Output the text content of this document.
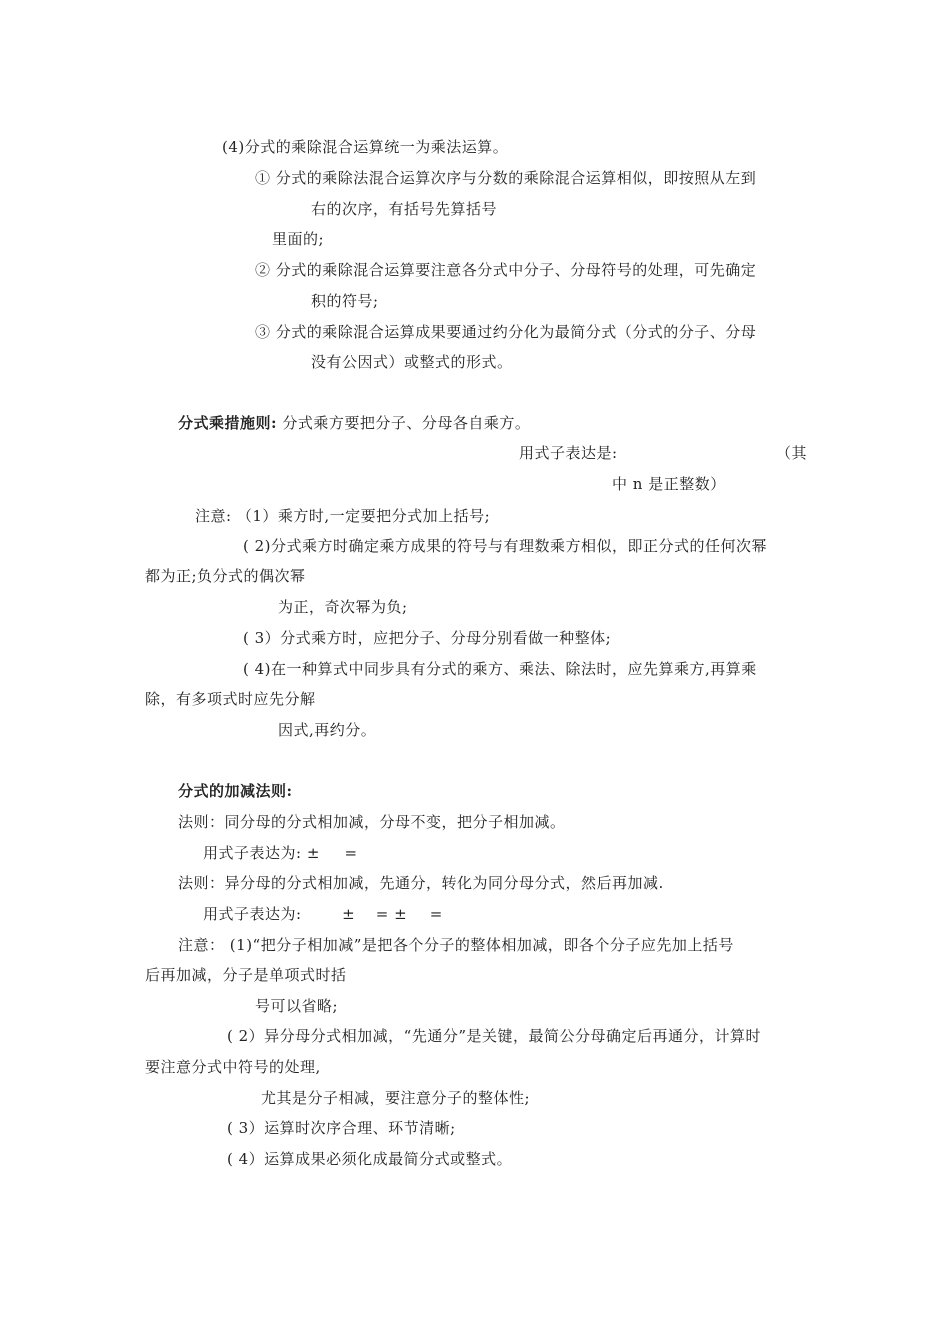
(4)分式的乘除混合运算统一为乘法运算。
① 分式的乘除法混合运算次序与分数的乘除混合运算相似，即按照从左到
右的次序，有括号先算括号
里面的;
② 分式的乘除混合运算要注意各分式中分子、分母符号的处理，可先确定
积的符号;
③ 分式的乘除混合运算成果要通过约分化为最简分式（分式的分子、分母
没有公因式）或整式的形式。
分式乘措施则: 分式乘方要把分子、分母各自乘方。
用式子表达是:	（其
中 n 是正整数）
注意: （1）乘方时,一定要把分式加上括号;
( 2)分式乘方时确定乘方成果的符号与有理数乘方相似，即正分式的任何次幂
都为正;负分式的偶次幂
为正，奇次幂为负;
( 3）分式乘方时，应把分子、分母分别看做一种整体;
( 4)在一种算式中同步具有分式的乘方、乘法、除法时，应先算乘方,再算乘
除，有多项式时应先分解
因式,再约分。
分式的加减法则:
法则：同分母的分式相加减，分母不变，把分子相加减。
用式子表达为: ± =
法则：异分母的分式相加减，先通分，转化为同分母分式，然后再加减.
用式子表达为:	± = ± =
注意： (1)“把分子相加减”是把各个分子的整体相加减，即各个分子应先加上括号
后再加减，分子是单项式时括
号可以省略;
( 2）异分母分式相加减，“先通分”是关键，最简公分母确定后再通分，计算时
要注意分式中符号的处理,
尤其是分子相减，要注意分子的整体性;
( 3）运算时次序合理、环节清晰;
( 4）运算成果必须化成最简分式或整式。
